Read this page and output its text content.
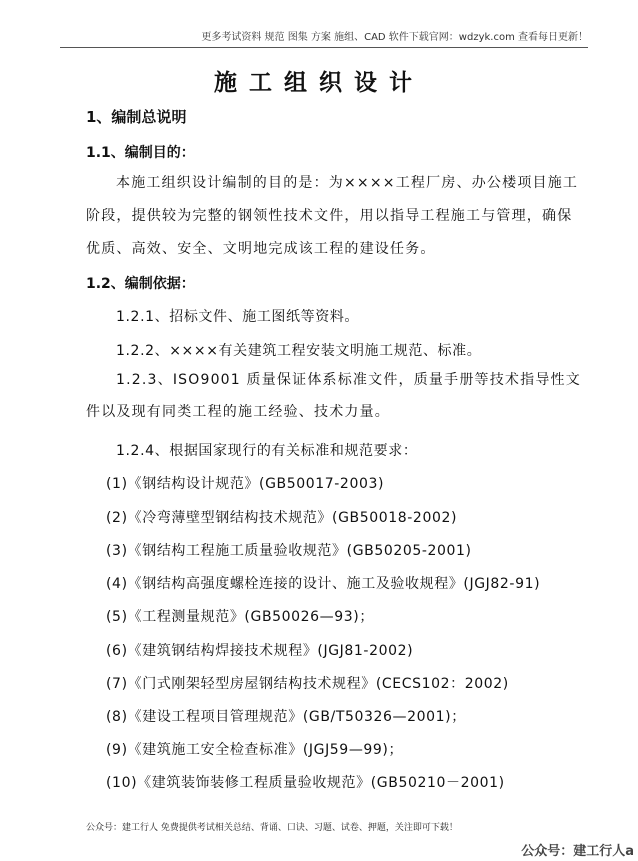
更多考试资料 规范 图集 方案 施组、CAD 软件下载官网：wdzyk.com 查看每日更新！
施工组织设计
1、编制总说明
1.1、编制目的：
本施工组织设计编制的目的是：为××××工程厂房、办公楼项目施工阶段，提供较为完整的钢领性技术文件，用以指导工程施工与管理，确保优质、高效、安全、文明地完成该工程的建设任务。
1.2、编制依据：
1.2.1、招标文件、施工图纸等资料。
1.2.2、××××有关建筑工程安装文明施工规范、标准。
1.2.3、ISO9001 质量保证体系标准文件，质量手册等技术指导性文件以及现有同类工程的施工经验、技术力量。
1.2.4、根据国家现行的有关标准和规范要求：
(1)《钢结构设计规范》(GB50017-2003)
(2)《冷弯薄壁型钢结构技术规范》(GB50018-2002)
(3)《钢结构工程施工质量验收规范》(GB50205-2001)
(4)《钢结构高强度螺栓连接的设计、施工及验收规程》(JGJ82-91)
(5)《工程测量规范》(GB50026—93)；
(6)《建筑钢结构焊接技术规程》(JGJ81-2002)
(7)《门式刚架轻型房屋钢结构技术规程》(CECS102：2002)
(8)《建设工程项目管理规范》(GB/T50326—2001)；
(9)《建筑施工安全检查标准》(JGJ59—99)；
(10)《建筑装饰装修工程质量验收规范》(GB50210－2001)
公众号：建工行人 免费提供考试相关总结、背诵、口诀、习题、试卷、押题，关注即可下载！
公众号：建工行人a
